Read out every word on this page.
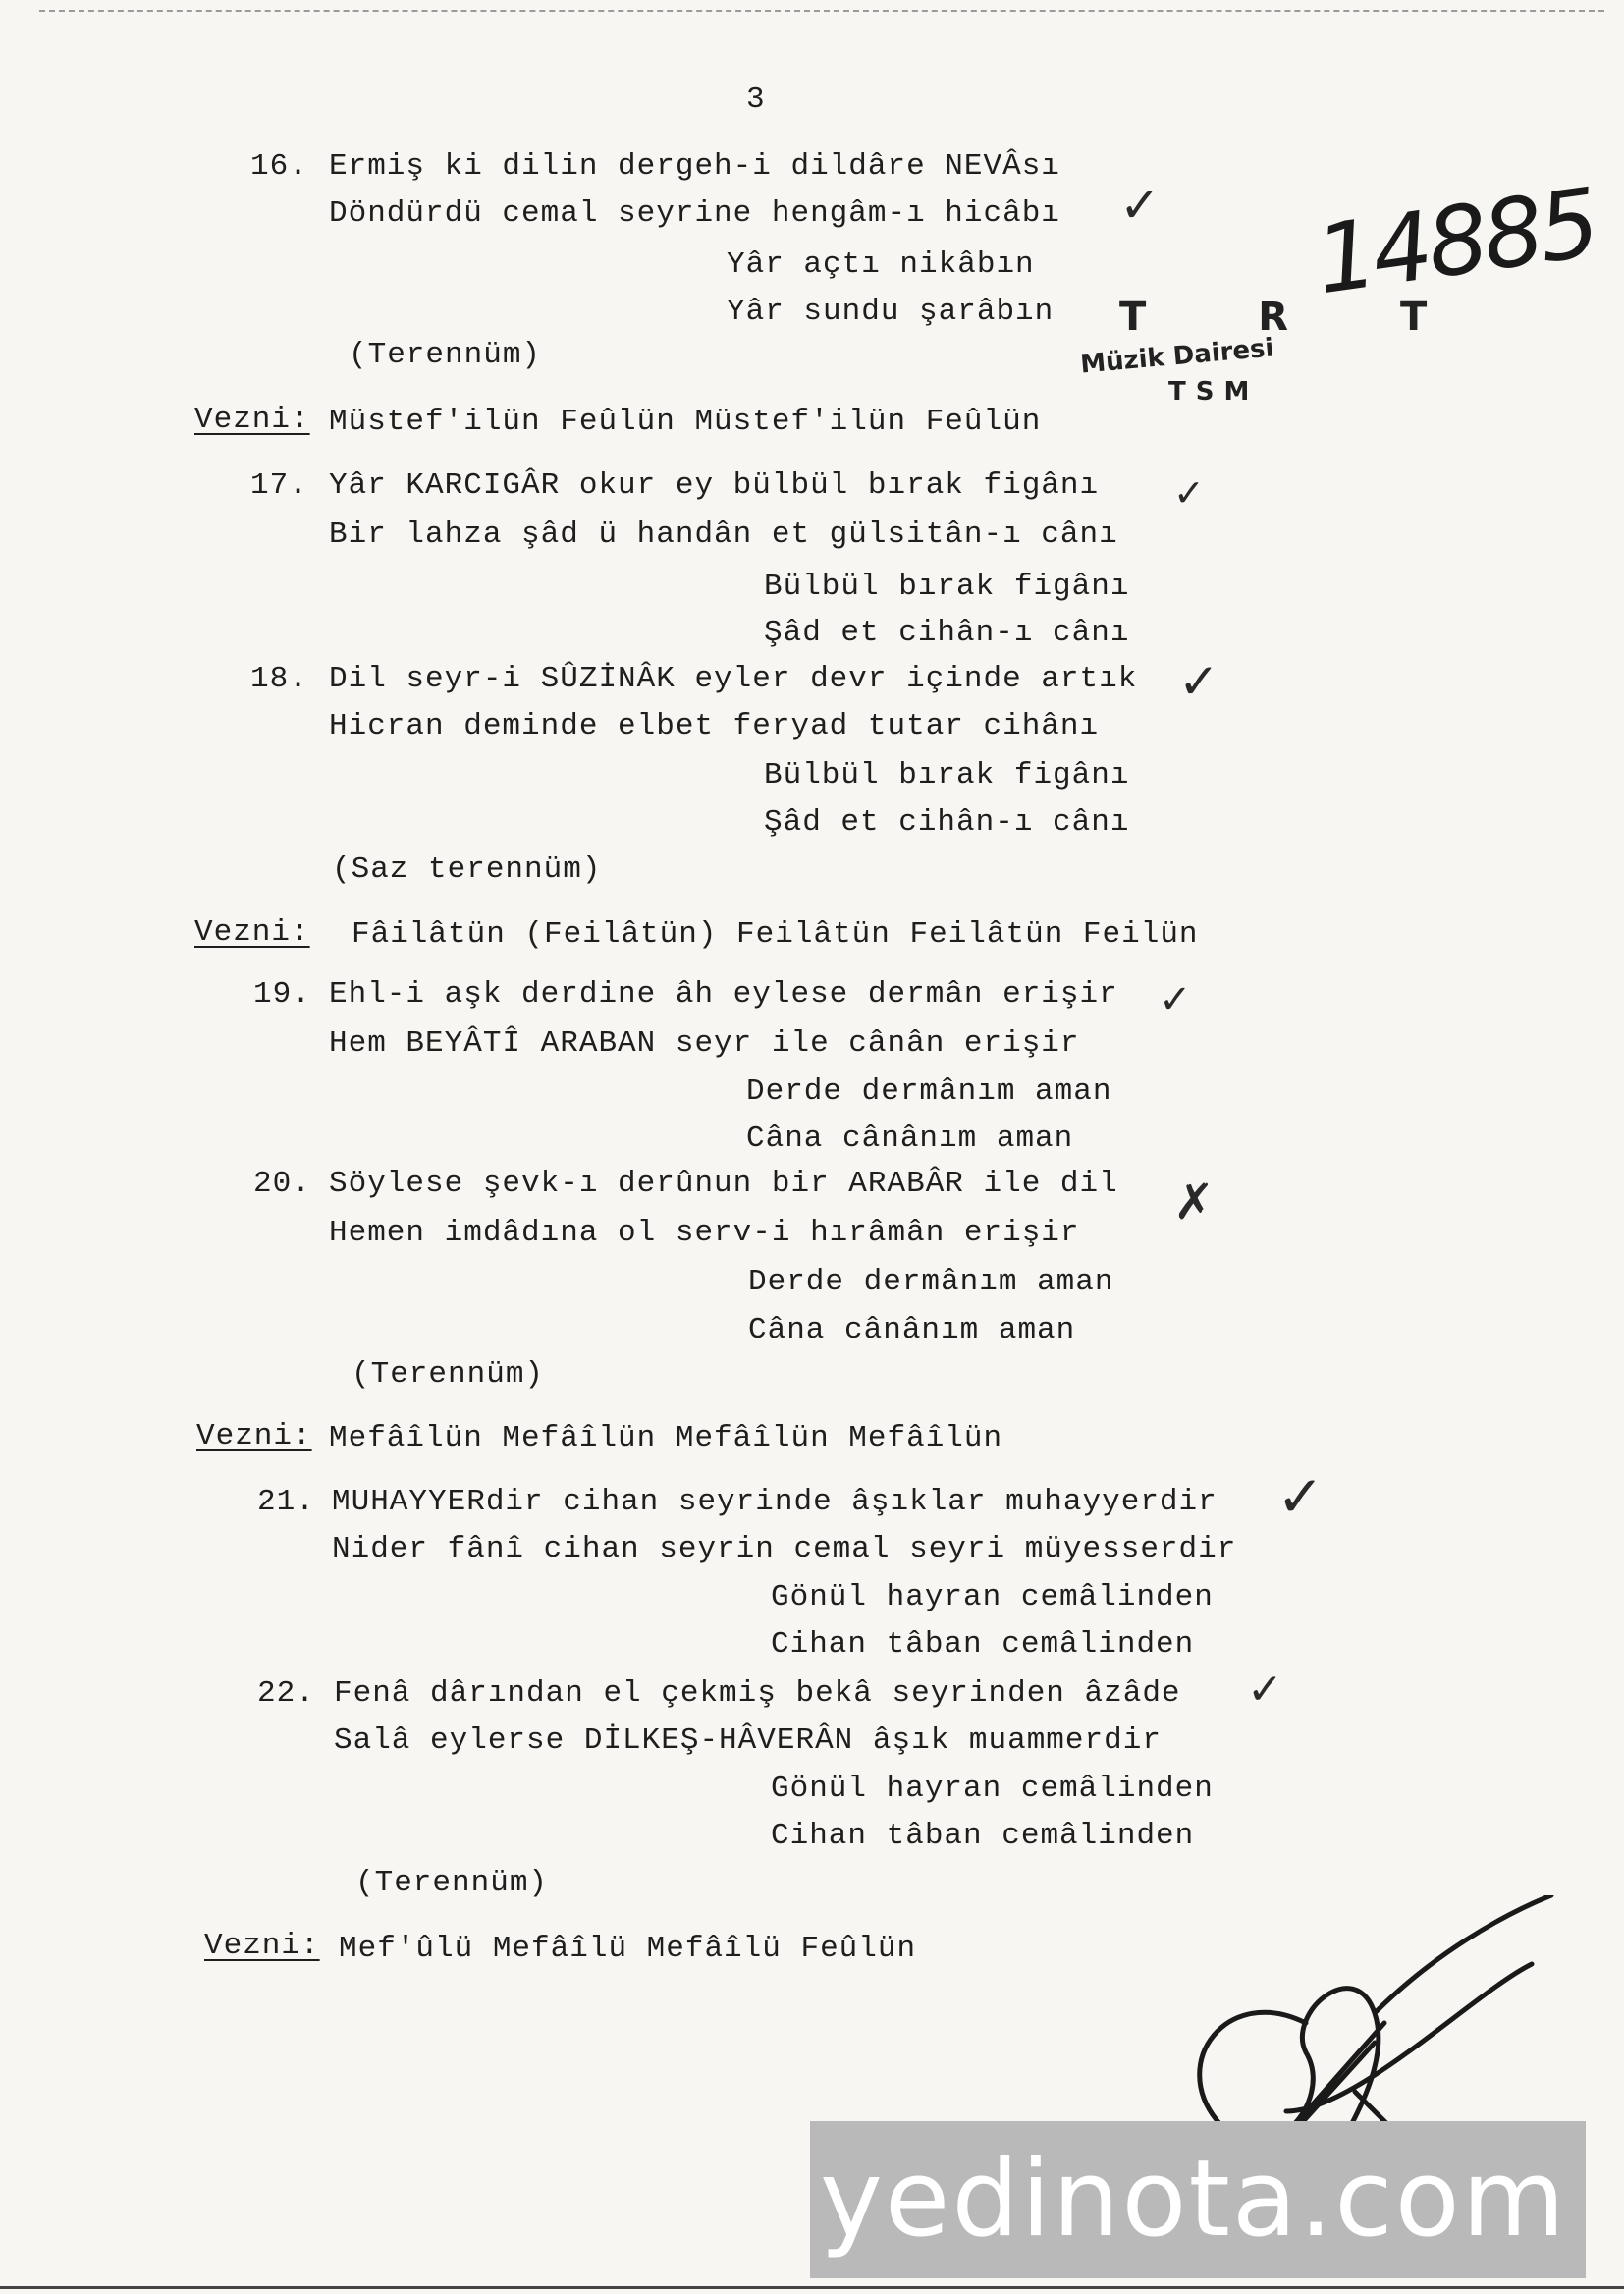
3
16. Ermiş ki dilin dergeh-i dildâre NEVÂsı
Döndürdü cemal seyrine hengâm-ı hicâbı
Yâr açtı nikâbın
Yâr sundu şarâbın
(Terennüm)
Vezni: Müstef'ilün Feûlün Müstef'ilün Feûlün
17. Yâr KARCIGÂR okur ey bülbül bırak figânı
Bir lahza şâd ü handân et gülsitân-ı cânı
Bülbül bırak figânı
Şâd et cihân-ı cânı
18. Dil seyr-i SÛZİNÂK eyler devr içinde artık
Hicran deminde elbet feryad tutar cihânı
Bülbül bırak figânı
Şâd et cihân-ı cânı
(Saz terennüm)
Vezni: Fâilâtün (Feilâtün) Feilâtün Feilâtün Feilün
19. Ehl-i aşk derdine âh eylese dermân erişir
Hem BEYÂTÎ ARABAN seyr ile cânân erişir
Derde dermânım aman
Câna cânânım aman
20. Söylese şevk-ı derûnun bir ARABÂR ile dil
Hemen imdâdına ol serv-i hırâmân erişir
Derde dermânım aman
Câna cânânım aman
(Terennüm)
Vezni: Mefâîlün Mefâîlün Mefâîlün Mefâîlün
21. MUHAYYERdir cihan seyrinde âşıklar muhayyerdir
Nider fânî cihan seyrin cemal seyri müyesserdir
Gönül hayran cemâlinden
Cihan tâban cemâlinden
22. Fenâ dârından el çekmiş bekâ seyrinden âzâde
Salâ eylerse DİLKEŞ-HÂVERÂN âşık muammerdir
Gönül hayran cemâlinden
Cihan tâban cemâlinden
(Terennüm)
Vezni: Mef'ûlü Mefâîlü Mefâîlü Feûlün
T R T
Müzik Dairesi
TSM
14885
✓
✓
✓
✓
✗
✓
✓
yedinota.com
